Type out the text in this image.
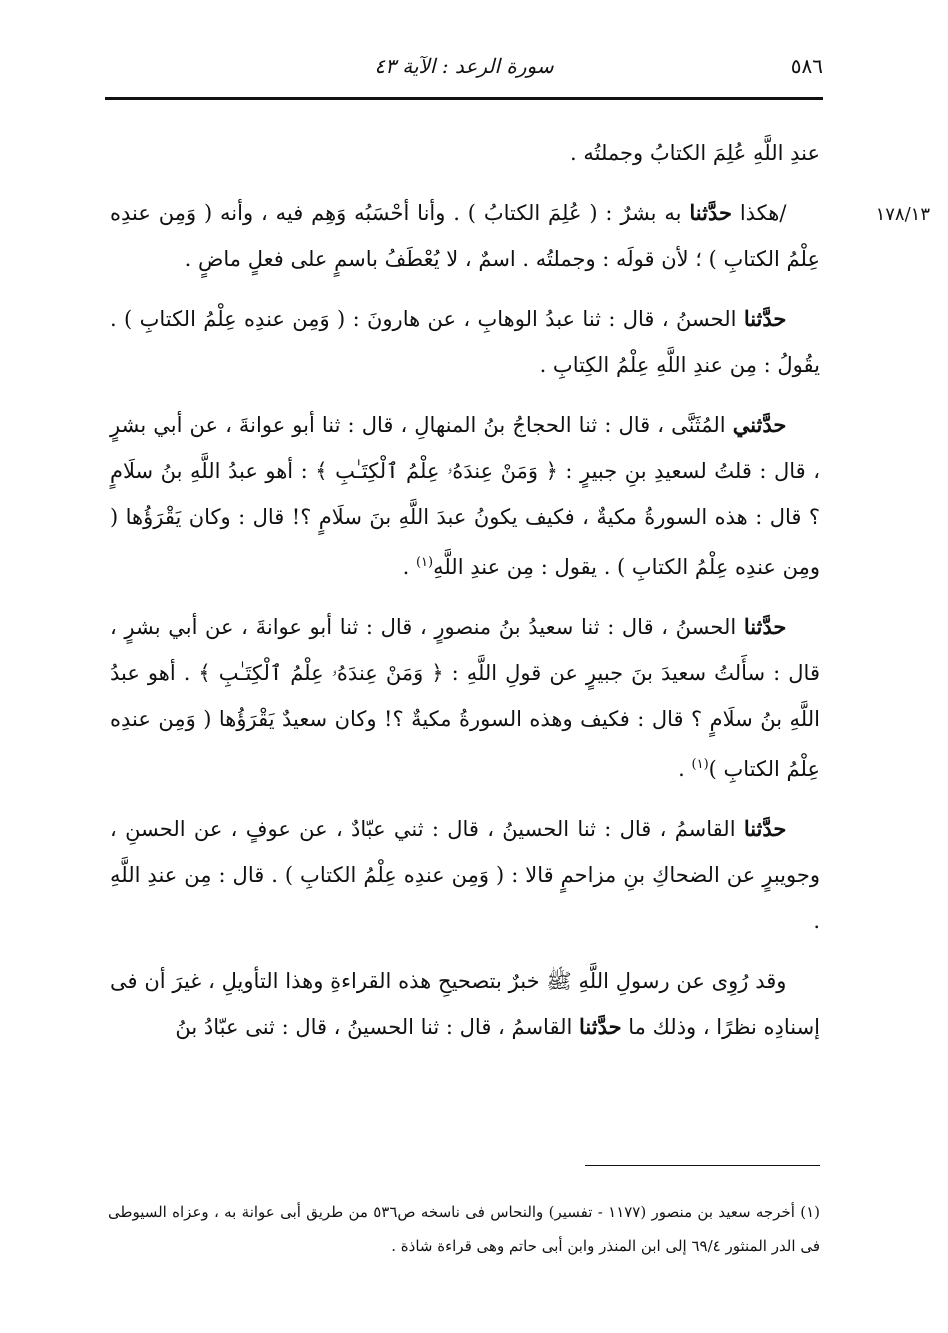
٥٨٦
سورة الرعد : الآية ٤٣
١٧٨/١٣

عندِ اللَّهِ عُلِمَ الكتابُ وجملتُه .

/هكذا حدَّثنا به بشرٌ : ( عُلِمَ الكتابُ ) . وأنا أحْسَبُه وَهِم فيه ، وأنه ( وَمِن عندِه عِلْمُ الكتابِ ) ؛ لأن قولَه : وجملتُه . اسمٌ ، لا يُعْطَفُ باسمٍ على فعلٍ ماضٍ .

حدَّثنا الحسنُ ، قال : ثنا عبدُ الوهابِ ، عن هارونَ : ( وَمِن عندِه عِلْمُ الكتابِ ) . يقُولُ : مِن عندِ اللَّهِ عِلْمُ الكِتابِ .

حدَّثني المُثَنَّى ، قال : ثنا الحجاجُ بنُ المنهالِ ، قال : ثنا أبو عوانةَ ، عن أبي بشرٍ ، قال : قلتُ لسعيدِ بنِ جبيرٍ : ﴿ وَمَنْ عِندَهُۥ عِلْمُ ٱلْكِتَـٰبِ ﴾ : أهو عبدُ اللَّهِ بنُ سلَامٍ ؟ قال : هذه السورةُ مكيةٌ ، فكيف يكونُ عبدَ اللَّهِ بنَ سلَامٍ ؟! قال : وكان يَقْرَؤُها ( ومِن عندِه عِلْمُ الكتابِ ) . يقول : مِن عندِ اللَّهِ$^{(١)}$ .

حدَّثنا الحسنُ ، قال : ثنا سعيدُ بنُ منصورٍ ، قال : ثنا أبو عوانةَ ، عن أبي بشرٍ ، قال : سأَلتُ سعيدَ بنَ جبيرٍ عن قولِ اللَّهِ : ﴿ وَمَنْ عِندَهُۥ عِلْمُ ٱلْكِتَـٰبِ ﴾ . أهو عبدُ اللَّهِ بنُ سلَامٍ ؟ قال : فكيف وهذه السورةُ مكيةٌ ؟! وكان سعيدٌ يَقْرَؤُها ( وَمِن عندِه عِلْمُ الكتابِ )$^{(١)}$ .

حدَّثنا القاسمُ ، قال : ثنا الحسينُ ، قال : ثني عبّادٌ ، عن عوفٍ ، عن الحسنِ ، وجويبرٍ عن الضحاكِ بنِ مزاحمٍ قالا : ( وَمِن عندِه عِلْمُ الكتابِ ) . قال : مِن عندِ اللَّهِ .

وقد رُوِى عن رسولِ اللَّهِ ﷺ خبرٌ بتصحيحِ هذه القراءةِ وهذا التأويلِ ، غيرَ أن فى إسنادِه نظرًا ، وذلك ما حدَّثنا القاسمُ ، قال : ثنا الحسينُ ، قال : ثنى عبّادُ بنُ

(١) أخرجه سعيد بن منصور (١١٧٧ - تفسير) والنحاس فى ناسخه ص٥٣٦ من طريق أبى عوانة به ، وعزاه السيوطى فى الدر المنثور ٦٩/٤ إلى ابن المنذر وابن أبى حاتم وهى قراءة شاذة .
